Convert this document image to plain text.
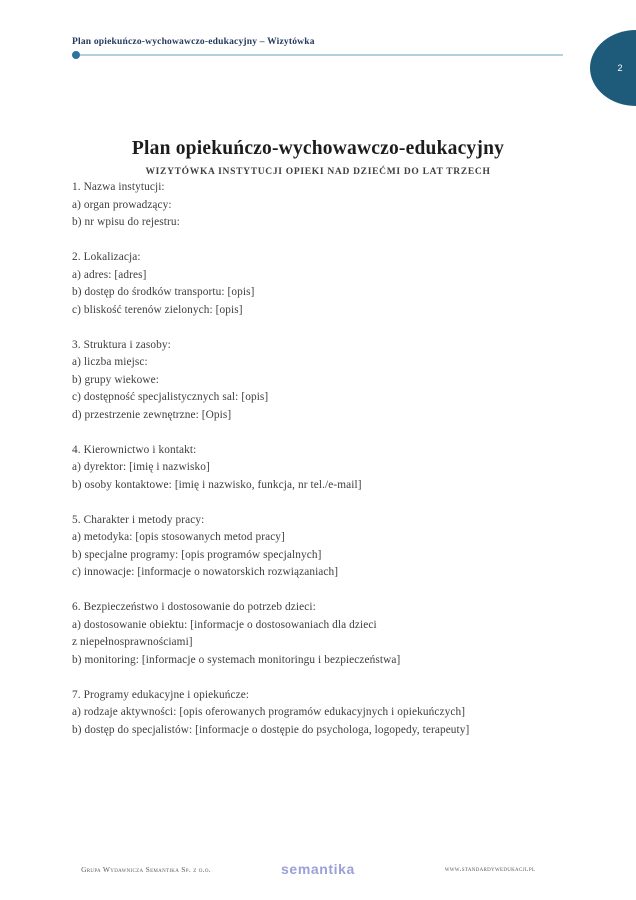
Plan opiekuńczo-wychowawczo-edukacyjny – Wizytówka

2
Plan opiekuńczo-wychowawczo-edukacyjny

WIZYTÓWKA INSTYTUCJI OPIEKI NAD DZIEĆMI DO LAT TRZECH

1. Nazwa instytucji:

a) organ prowadzący:

b) nr wpisu do rejestru:

2. Lokalizacja:

a) adres: [adres]

b) dostęp do środków transportu: [opis]

c) bliskość terenów zielonych: [opis]

3. Struktura i zasoby:

a) liczba miejsc:

b) grupy wiekowe:

c) dostępność specjalistycznych sal: [opis]

d) przestrzenie zewnętrzne: [Opis]

4. Kierownictwo i kontakt:

a) dyrektor: [imię i nazwisko]

b) osoby kontaktowe: [imię i nazwisko, funkcja, nr tel./e-mail]

5. Charakter i metody pracy:

a) metodyka: [opis stosowanych metod pracy]

b) specjalne programy: [opis programów specjalnych]

c) innowacje: [informacje o nowatorskich rozwiązaniach]

6. Bezpieczeństwo i dostosowanie do potrzeb dzieci:

a) dostosowanie obiektu: [informacje o dostosowaniach dla dzieci

z niepełnosprawnościami]

b) monitoring: [informacje o systemach monitoringu i bezpieczeństwa]

7. Programy edukacyjne i opiekuńcze:

a) rodzaje aktywności: [opis oferowanych programów edukacyjnych i opiekuńczych]

b) dostęp do specjalistów: [informacje o dostępie do psychologa, logopedy, terapeuty]

Grupa Wydawnicza Semantika Sp. z o.o.	semantika	www.standardywedukacji.pl
